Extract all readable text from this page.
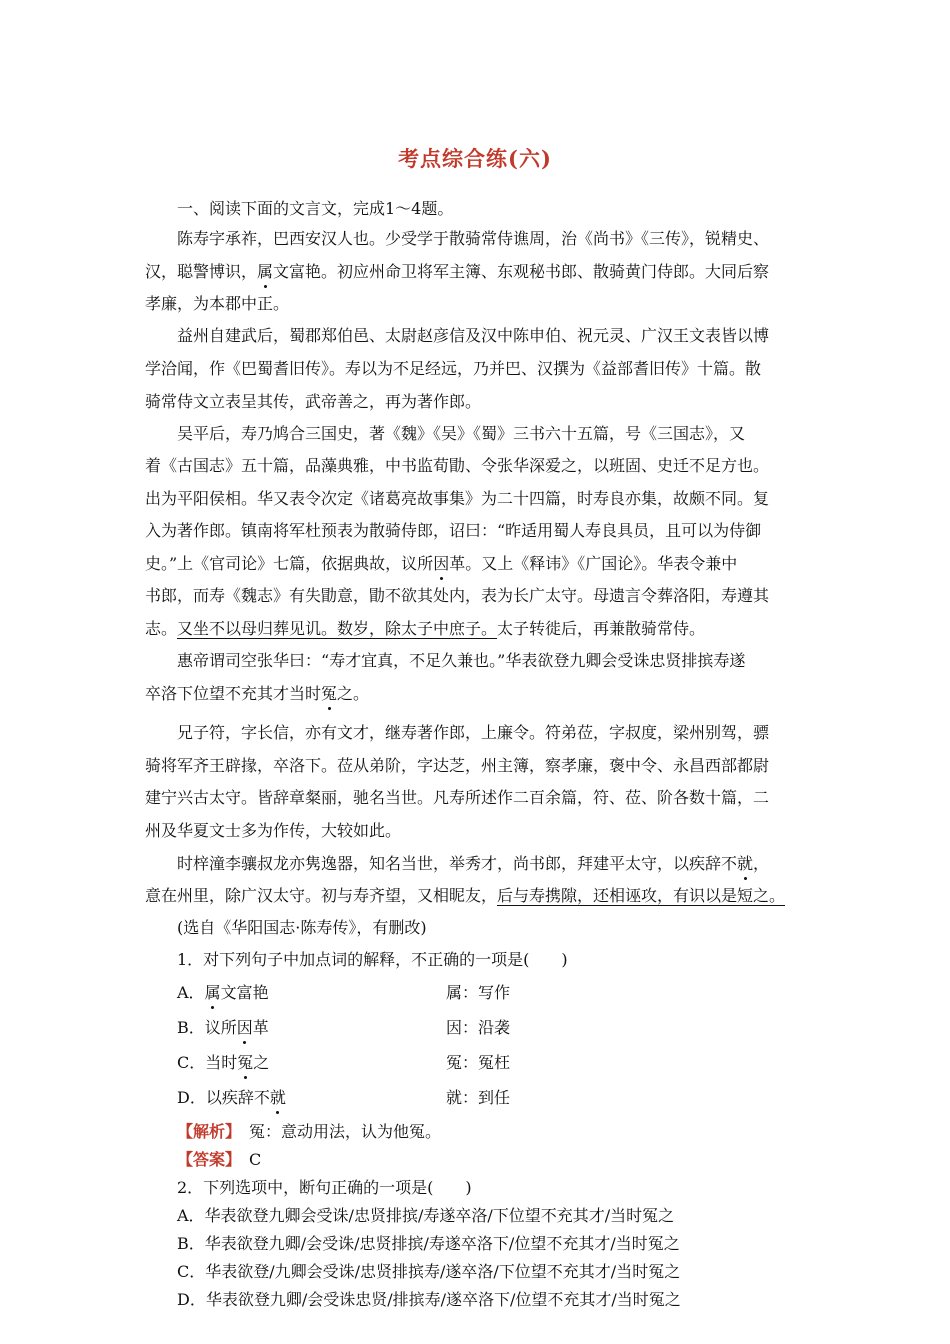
考点综合练(六)
一、阅读下面的文言文，完成1～4题。
陈寿字承祚，巴西安汉人也。少受学于散骑常侍谯周，治《尚书》《三传》，锐精史、
汉，聪警博识，属文富艳。初应州命卫将军主簿、东观秘书郎、散骑黄门侍郎。大同后察
孝廉，为本郡中正。
益州自建武后，蜀郡郑伯邑、太尉赵彦信及汉中陈申伯、祝元灵、广汉王文表皆以博
学洽闻，作《巴蜀耆旧传》。寿以为不足经远，乃并巴、汉撰为《益部耆旧传》十篇。散
骑常侍文立表呈其传，武帝善之，再为著作郎。
吴平后，寿乃鸠合三国史，著《魏》《吴》《蜀》三书六十五篇，号《三国志》，又
着《古国志》五十篇，品藻典雅，中书监荀勖、令张华深爱之，以班固、史迁不足方也。
出为平阳侯相。华又表令次定《诸葛亮故事集》为二十四篇，时寿良亦集，故颇不同。复
入为著作郎。镇南将军杜预表为散骑侍郎，诏曰：“昨适用蜀人寿良具员，且可以为侍御
史。”上《官司论》七篇，依据典故，议所因革。又上《释讳》《广国论》。华表令兼中
书郎，而寿《魏志》有失勖意，勖不欲其处内，表为长广太守。母遗言令葬洛阳，寿遵其
志。又坐不以母归葬见讥。数岁，除太子中庶子。太子转徙后，再兼散骑常侍。
惠帝谓司空张华曰：“寿才宜真，不足久兼也。”华表欲登九卿会受诛忠贤排摈寿遂
卒洛下位望不充其才当时冤之。
兄子符，字长信，亦有文才，继寿著作郎，上廉令。符弟莅，字叔度，梁州别驾，骠
骑将军齐王辟掾，卒洛下。莅从弟阶，字达芝，州主簿，察孝廉，褒中令、永昌西部都尉
建宁兴古太守。皆辞章粲丽，驰名当世。凡寿所述作二百余篇，符、莅、阶各数十篇，二
州及华夏文士多为作传，大较如此。
时梓潼李骧叔龙亦隽逸器，知名当世，举秀才，尚书郎，拜建平太守，以疾辞不就，
意在州里，除广汉太守。初与寿齐望，又相昵友，后与寿携隙，还相诬攻，有识以是短之。
(选自《华阳国志·陈寿传》，有删改)
1．对下列句子中加点词的解释，不正确的一项是(　　)
A．属文富艳	属：写作
B．议所因革	因：沿袭
C．当时冤之	冤：冤枉
D．以疾辞不就	就：到任
【解析】　冤：意动用法，认为他冤。
【答案】　C
2．下列选项中，断句正确的一项是(　　)
A．华表欲登九卿会受诛/忠贤排摈/寿遂卒洛/下位望不充其才/当时冤之
B．华表欲登九卿/会受诛/忠贤排摈/寿遂卒洛下/位望不充其才/当时冤之
C．华表欲登/九卿会受诛/忠贤排摈寿/遂卒洛/下位望不充其才/当时冤之
D．华表欲登九卿/会受诛忠贤/排摈寿/遂卒洛下/位望不充其才/当时冤之
